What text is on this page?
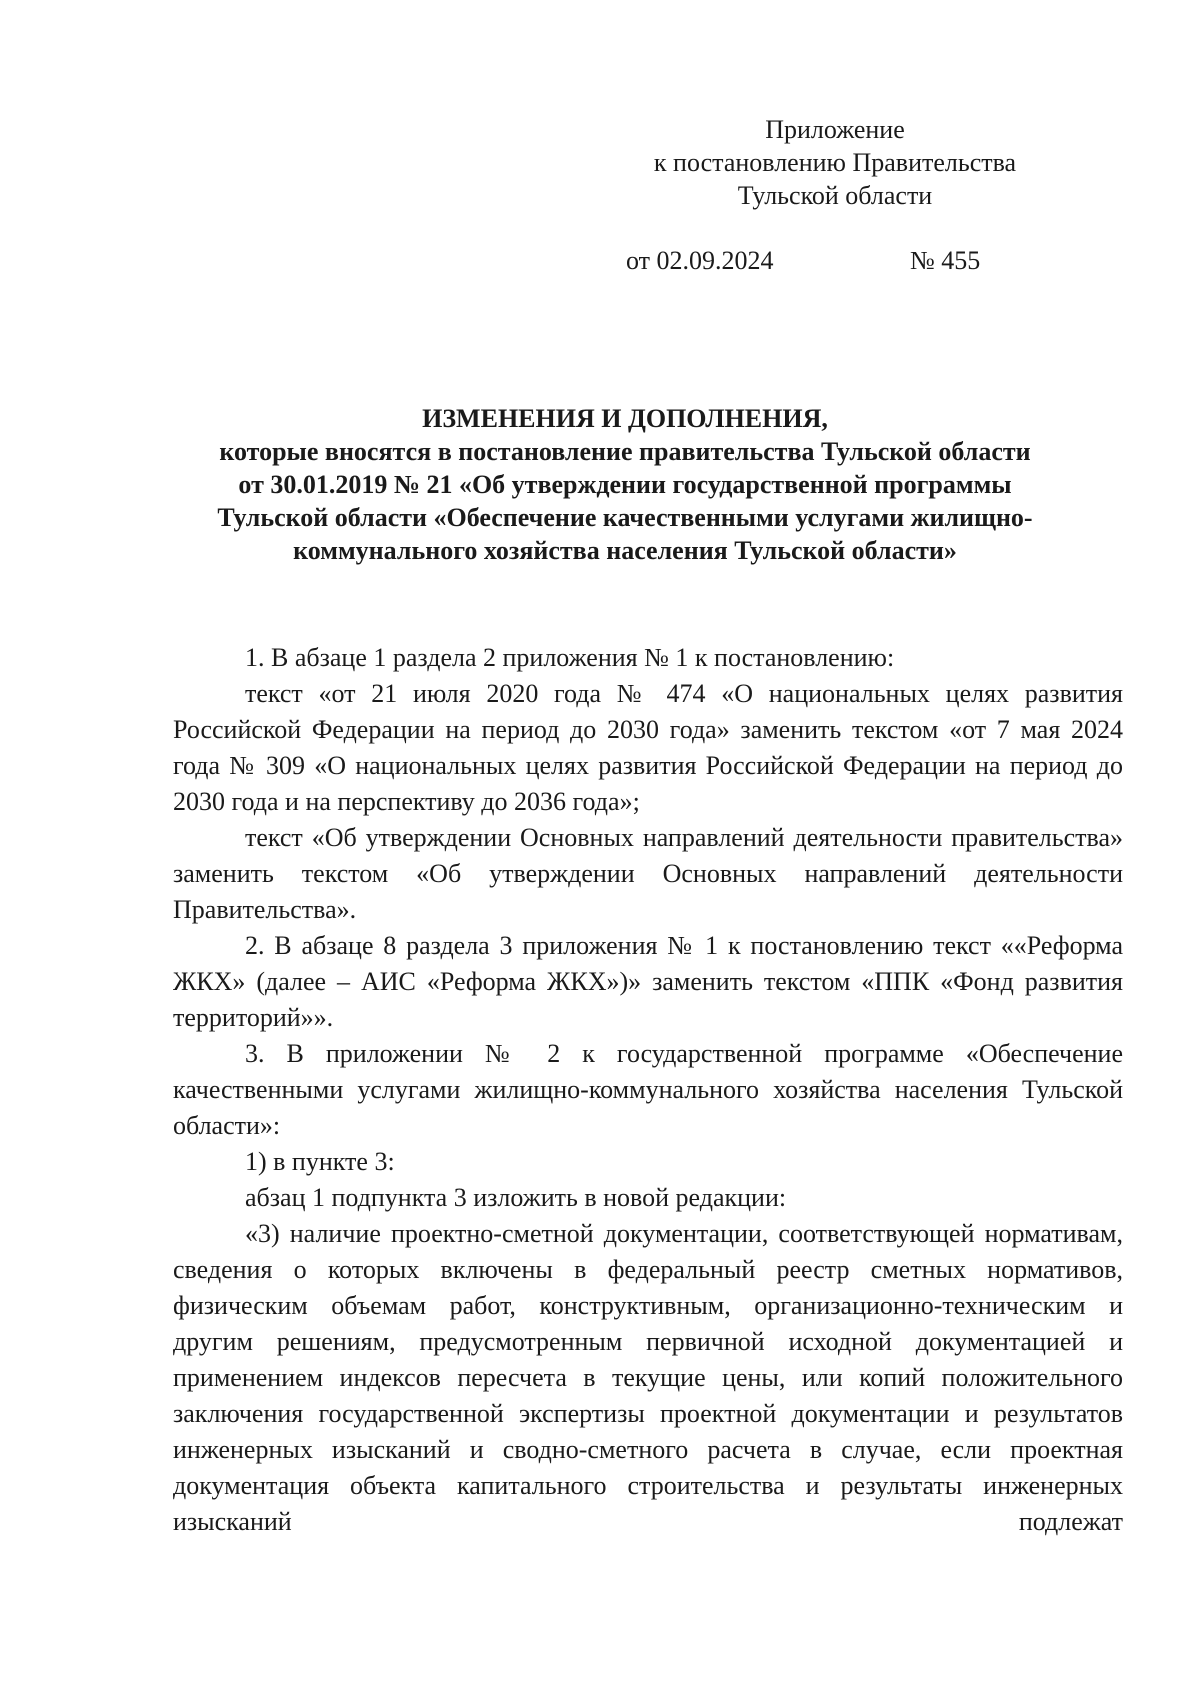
Приложение
к постановлению Правительства
Тульской области
от 02.09.2024	№ 455
ИЗМЕНЕНИЯ И ДОПОЛНЕНИЯ,
которые вносятся в постановление правительства Тульской области
от 30.01.2019 № 21 «Об утверждении государственной программы
Тульской области «Обеспечение качественными услугами жилищно-
коммунального хозяйства населения Тульской области»

1. В абзаце 1 раздела 2 приложения № 1 к постановлению:

текст «от 21 июля 2020 года № 474 «О национальных целях развития Российской Федерации на период до 2030 года» заменить текстом «от 7 мая 2024 года № 309 «О национальных целях развития Российской Федерации на период до 2030 года и на перспективу до 2036 года»;

текст «Об утверждении Основных направлений деятельности правительства» заменить текстом «Об утверждении Основных направлений деятельности Правительства».

2. В абзаце 8 раздела 3 приложения № 1 к постановлению текст ««Реформа ЖКХ» (далее – АИС «Реформа ЖКХ»)» заменить текстом «ППК «Фонд развития территорий»».

3. В приложении № 2 к государственной программе «Обеспечение качественными услугами жилищно-коммунального хозяйства населения Тульской области»:

1) в пункте 3:

абзац 1 подпункта 3 изложить в новой редакции:

«3) наличие проектно-сметной документации, соответствующей нормативам, сведения о которых включены в федеральный реестр сметных нормативов, физическим объемам работ, конструктивным, организационно-техническим и другим решениям, предусмотренным первичной исходной документацией и применением индексов пересчета в текущие цены, или копий положительного заключения государственной экспертизы проектной документации и результатов инженерных изысканий и сводно-сметного расчета в случае, если проектная документация объекта капитального строительства и результаты инженерных изысканий подлежат
